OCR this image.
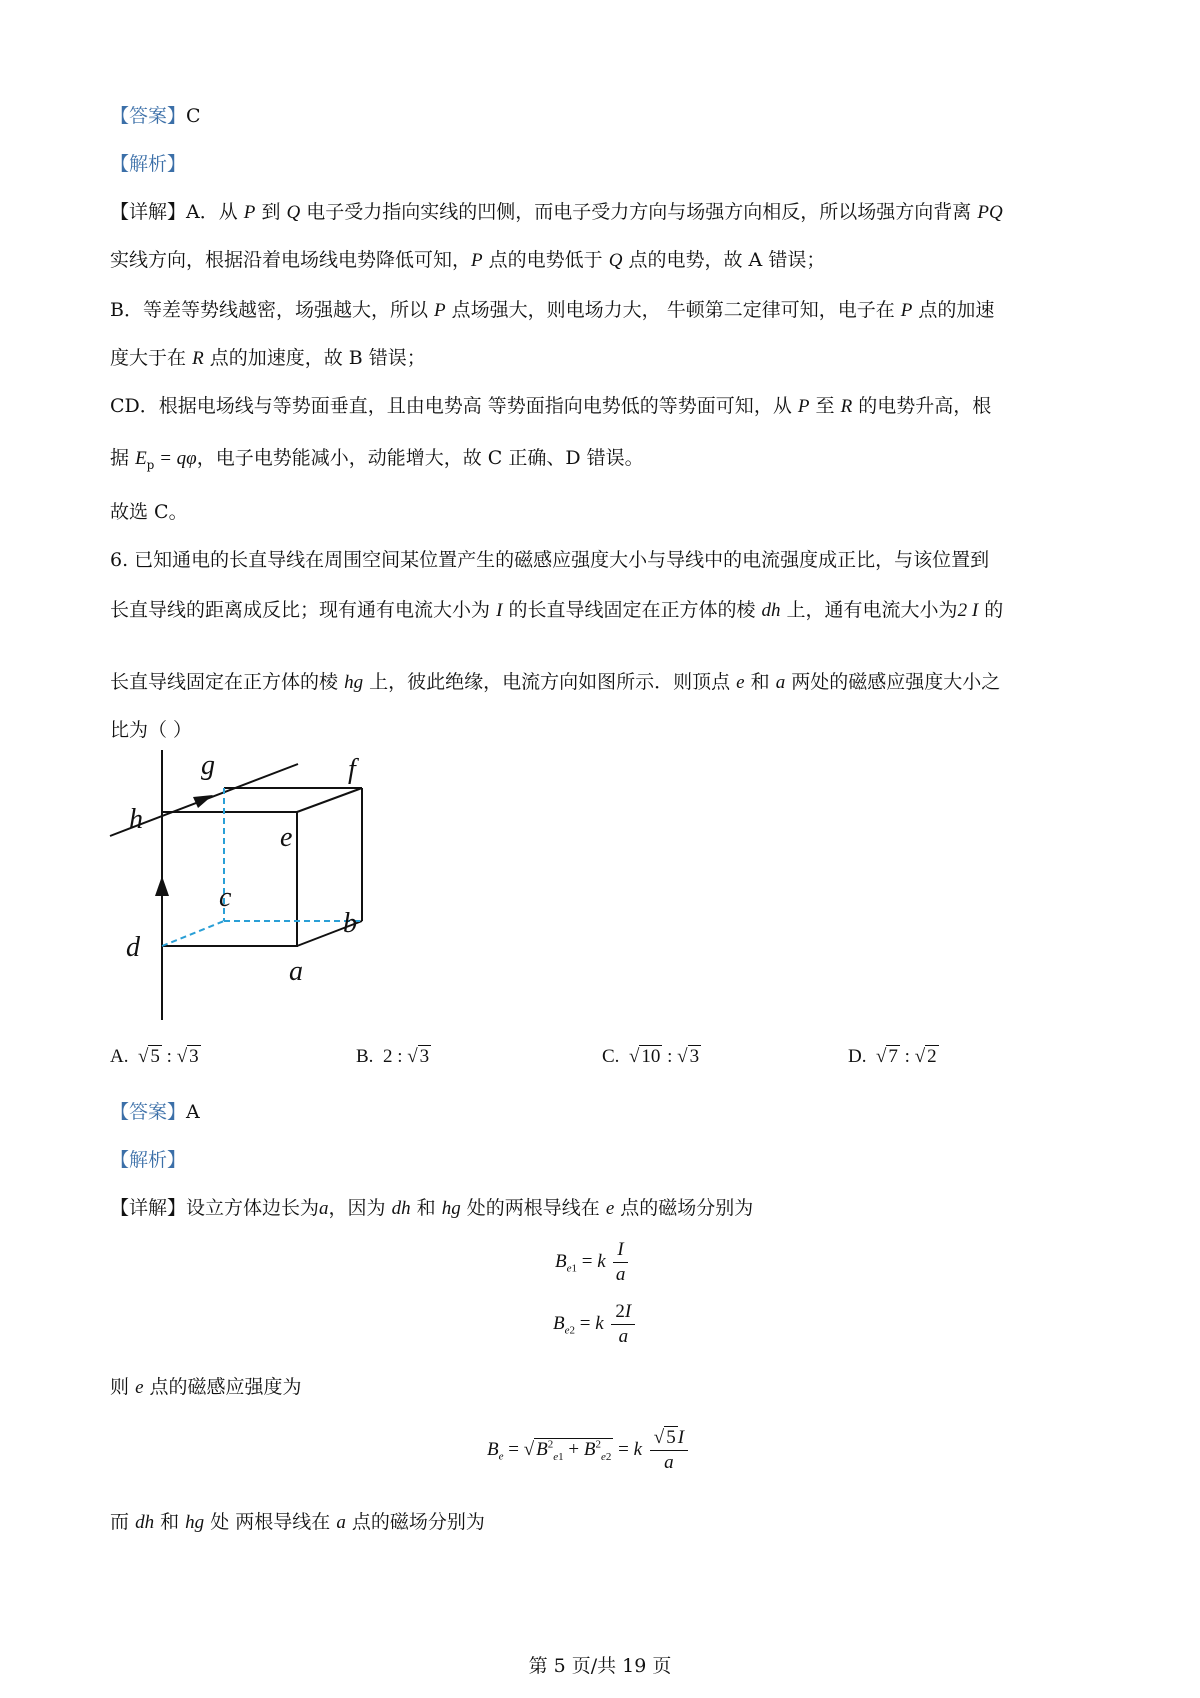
【答案】C
【解析】
【详解】A．从 P 到 Q 电子受力指向实线的凹侧，而电子受力方向与场强方向相反，所以场强方向背离 PQ
实线方向，根据沿着电场线电势降低可知，P 点的电势低于 Q 点的电势，故 A 错误；
B．等差等势线越密，场强越大，所以 P 点场强大，则电场力大， 牛顿第二定律可知，电子在 P 点的加速
度大于在 R 点的加速度，故 B 错误；
CD．根据电场线与等势面垂直，且由电势高 等势面指向电势低的等势面可知，从 P 至 R 的电势升高，根
据 $E_p = q\varphi$，电子电势能减小，动能增大，故 C 正确、D 错误。
故选 C。
6. 已知通电的长直导线在周围空间某位置产生的磁感应强度大小与导线中的电流强度成正比，与该位置到
长直导线的距离成反比；现有通有电流大小为 I 的长直导线固定在正方体的棱 dh 上，通有电流大小为2 I 的
长直导线固定在正方体的棱 hg 上，彼此绝缘，电流方向如图所示．则顶点 e 和 a 两处的磁感应强度大小之
比为（ ）
g	f
h
e
c
b
d
a
A.  √ 5 : √ 3	B. 2 : √ 3	C.  √ 10 : √ 3	D.  √ 7 : √ 2
【答案】A
【解析】
【详解】设立方体边长为a，因为 dh 和 hg 处的两根导线在 e 点的磁场分别为
$B_{e1} = k \frac{I}{a}$
$B_{e2} = k \frac{2I}{a}$
则 e 点的磁感应强度为
$B_e$ = √ $B^2_{e1} + B^2_{e2} = k \frac{√ 5 I}{a}$
而 dh 和 hg 处 两根导线在 a 点的磁场分别为
第 5 页/共 19 页
